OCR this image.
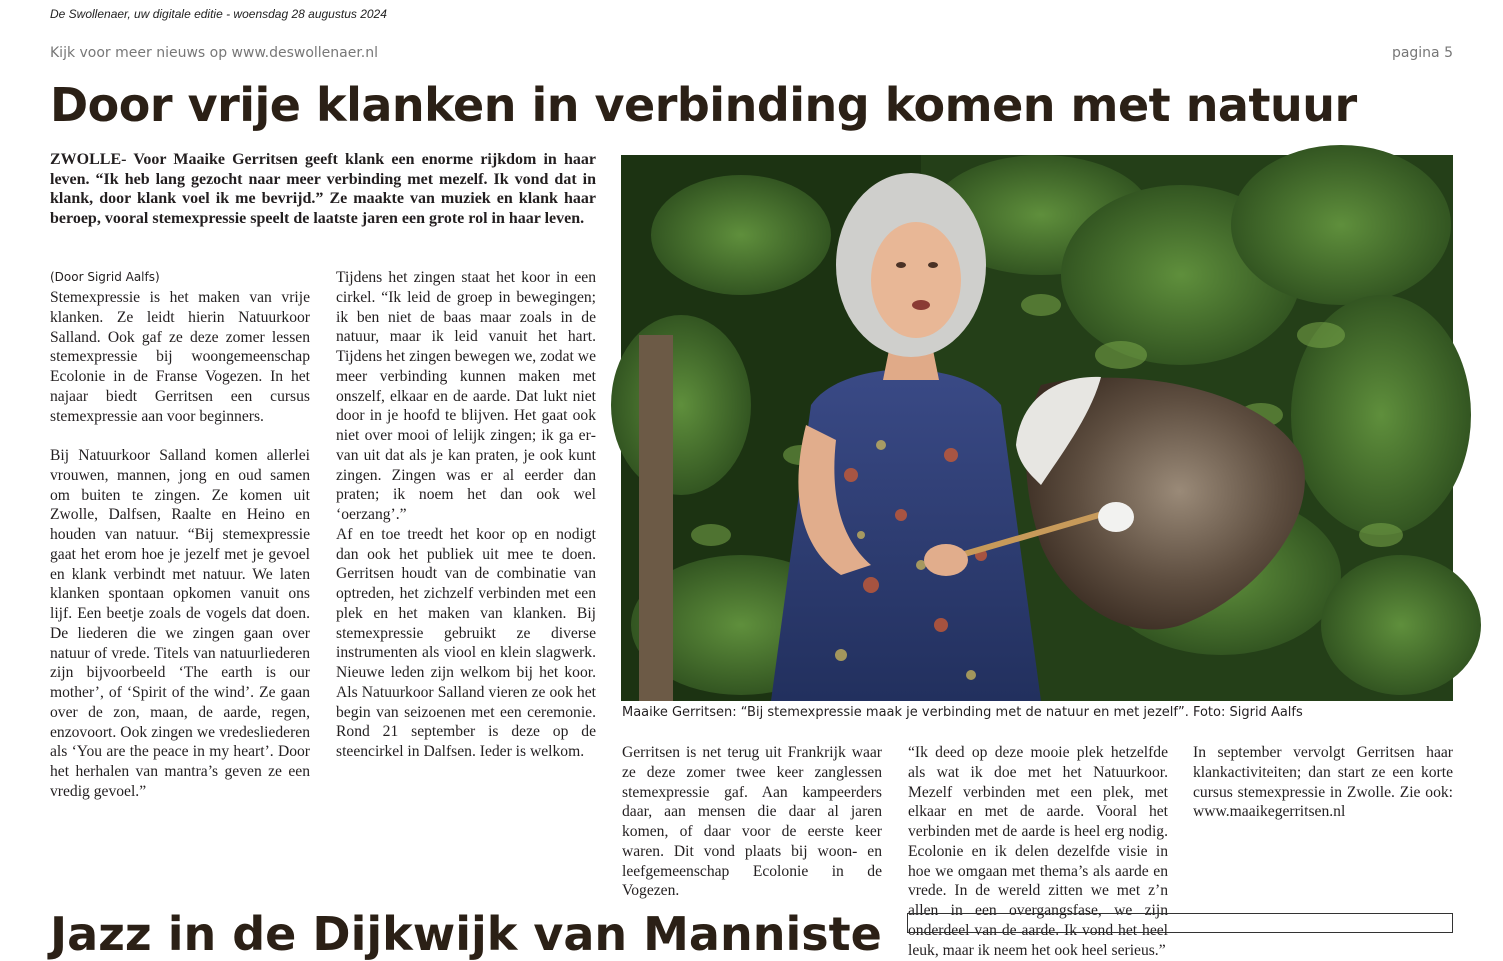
De Swollenaer, uw digitale editie - woensdag 28 augustus 2024
Kijk voor meer nieuws op www.deswollenaer.nl	pagina 5
Door vrije klanken in verbinding komen met natuur

ZWOLLE- Voor Maaike Gerritsen geeft klank een enorme rijkdom in haar leven. “Ik heb lang gezocht naar meer verbinding met mezelf. Ik vond dat in klank, door klank voel ik me bevrijd.” Ze maakte van muziek en klank haar beroep, vooral stemexpressie speelt de laatste jaren een grote rol in haar leven.

(Door Sigrid Aalfs)

Stemexpressie is het maken van vrije klanken. Ze leidt hierin Natuurkoor Salland. Ook gaf ze deze zomer lessen stemexpressie bij woongemeenschap Ecolonie in de Franse Vogezen. In het najaar biedt Gerritsen een cursus stemexpressie aan voor beginners.

Bij Natuurkoor Salland komen allerlei vrouwen, mannen, jong en oud samen om buiten te zingen. Ze komen uit Zwolle, Dalfsen, Raalte en Heino en houden van natuur. “Bij stemexpressie gaat het erom hoe je jezelf met je gevoel en klank verbindt met natuur. We laten klanken spontaan opkomen vanuit ons lijf. Een beetje zoals de vogels dat doen. De liederen die we zingen gaan over natuur of vrede. Titels van natuurliederen zijn bijvoorbeeld ‘The earth is our mother’, of ‘Spirit of the wind’. Ze gaan over de zon, maan, de aarde, regen, enzovoort. Ook zingen we vredesliederen als ‘You are the peace in my heart’. Door het herhalen van mantra’s geven ze een vredig gevoel.”

Tijdens het zingen staat het koor in een cirkel. “Ik leid de groep in bewegingen; ik ben niet de baas maar zoals in de natuur, maar ik leid vanuit het hart. Tijdens het zingen bewegen we, zodat we meer verbinding kunnen maken met onszelf, elkaar en de aarde. Dat lukt niet door in je hoofd te blijven. Het gaat ook niet over mooi of lelijk zingen; ik ga ervan uit dat als je kan praten, je ook kunt zingen. Zingen was er al eerder dan praten; ik noem het dan ook wel ‘oerzang’.”

Af en toe treedt het koor op en nodigt dan ook het publiek uit mee te doen. Gerritsen houdt van de combinatie van optreden, het zichzelf verbinden met een plek en het maken van klanken. Bij stemexpressie gebruikt ze diverse instrumenten als viool en klein slagwerk. Nieuwe leden zijn welkom bij het koor. Als Natuurkoor Salland vieren ze ook het begin van seizoenen met een ceremonie. Rond 21 september is deze op de steencirkel in Dalfsen. Ieder is welkom.

Maaike Gerritsen: “Bij stemexpressie maak je verbinding met de natuur en met jezelf”. Foto: Sigrid Aalfs

Gerritsen is net terug uit Frankrijk waar ze deze zomer twee keer zanglessen stemexpressie gaf. Aan kampeerders daar, aan mensen die daar al jaren komen, of daar voor de eerste keer waren. Dit vond plaats bij woon- en leefgemeenschap Ecolonie in de Vogezen.

“Ik deed op deze mooie plek hetzelfde als wat ik doe met het Natuurkoor. Mezelf verbinden met een plek, met elkaar en met de aarde. Vooral het verbinden met de aarde is heel erg nodig. Ecolonie en ik delen dezelfde visie in hoe we omgaan met thema’s als aarde en vrede. In de wereld zitten we met z’n allen in een overgangsfase, we zijn onderdeel van de aarde. Ik vond het heel leuk, maar ik neem het ook heel serieus.”

In september vervolgt Gerritsen haar klankactiviteiten; dan start ze een korte cursus stemexpressie in Zwolle. Zie ook: www.maaikegerritsen.nl

Jazz in de Dijkwijk van Manniste
